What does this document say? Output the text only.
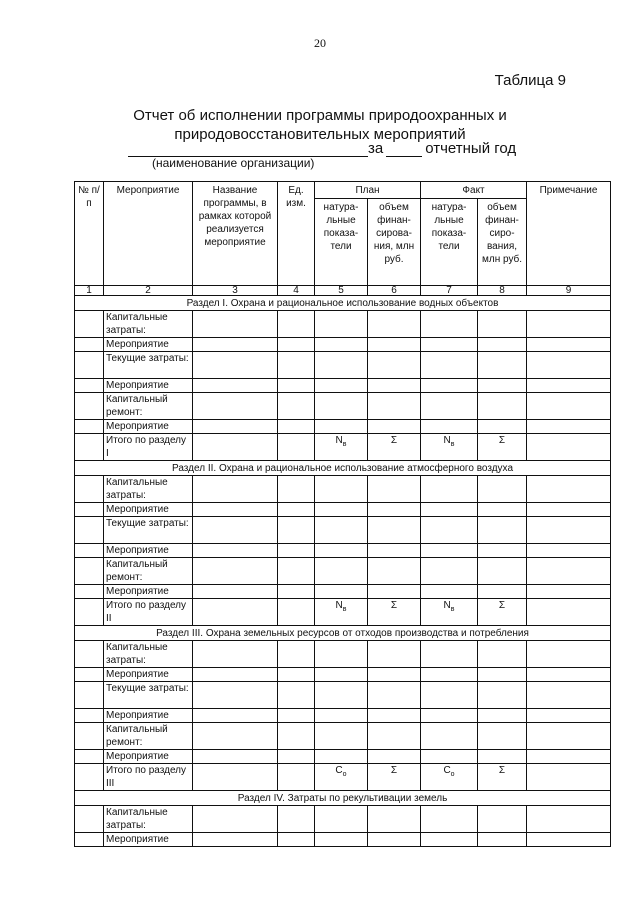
20
Таблица 9
Отчет об исполнении программы природоохранных и
природовосстановительных мероприятий
за	отчетный год
(наименование организации)
№ п/п	Мероприятие	Название программы, в рамках которой реализуется мероприятие	Ед. изм.	План		Факт		Примечание
				натура-льные показа-тели	объем финан-сирова-ния, млн руб.	натура-льные показа-тели	объем финан-сиро-вания, млн руб.	
1	2	3	4	5	6	7	8	9
Раздел I. Охрана и рациональное использование водных объектов								
	Капитальные затраты:							
	Мероприятие							
	Текущие затраты:							
	Мероприятие							
	Капитальный ремонт:							
	Мероприятие							
	Итого по разделу I			$N_в$	Σ	$N_в$	Σ	
Раздел II. Охрана и рациональное использование атмосферного воздуха								
	Капитальные затраты:							
	Мероприятие							
	Текущие затраты:							
	Мероприятие							
	Капитальный ремонт:							
	Мероприятие							
	Итого по разделу II			$N_в$	Σ	$N_в$	Σ	
Раздел III. Охрана земельных ресурсов от отходов производства и потребления								
	Капитальные затраты:							
	Мероприятие							
	Текущие затраты:							
	Мероприятие							
	Капитальный ремонт:							
	Мероприятие							
	Итого по разделу III			$C_о$	Σ	$C_о$	Σ	
Раздел IV. Затраты по рекультивации земель								
	Капитальные затраты:							
	Мероприятие							
